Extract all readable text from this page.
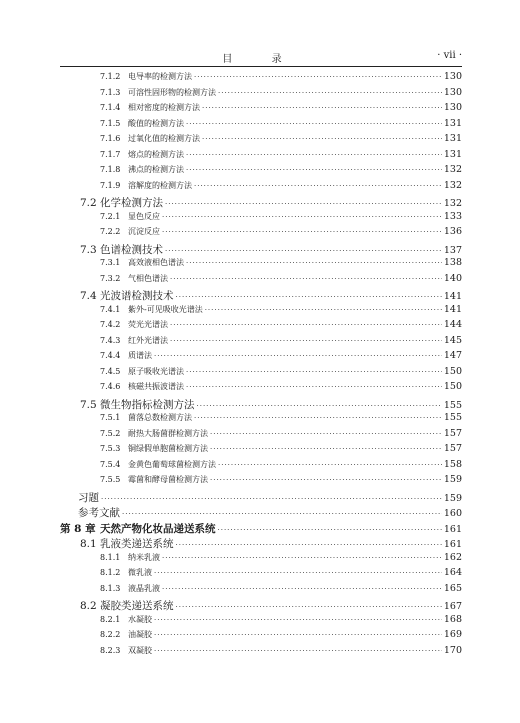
目 录	· vii ·
7.1.2 电导率的检测方法 ·····	130
7.1.3 可溶性固形物的检测方法 ·····	130
7.1.4 相对密度的检测方法 ·····	130
7.1.5 酸值的检测方法 ·····	131
7.1.6 过氧化值的检测方法 ·····	131
7.1.7 熔点的检测方法 ·····	131
7.1.8 沸点的检测方法 ·····	132
7.1.9 溶解度的检测方法 ·····	132
7.2 化学检测方法 ·····	132
7.2.1 显色反应 ·····	133
7.2.2 沉淀反应 ·····	136
7.3 色谱检测技术 ·····	137
7.3.1 高效液相色谱法 ·····	138
7.3.2 气相色谱法 ·····	140
7.4 光波谱检测技术 ·····	141
7.4.1 紫外-可见吸收光谱法 ·····	141
7.4.2 荧光光谱法 ·····	144
7.4.3 红外光谱法 ·····	145
7.4.4 质谱法 ·····	147
7.4.5 原子吸收光谱法 ·····	150
7.4.6 核磁共振波谱法 ·····	150
7.5 微生物指标检测方法 ·····	155
7.5.1 菌落总数检测方法 ·····	155
7.5.2 耐热大肠菌群检测方法 ·····	157
7.5.3 铜绿假单胞菌检测方法 ·····	157
7.5.4 金黄色葡萄球菌检测方法 ·····	158
7.5.5 霉菌和酵母菌检测方法 ·····	159
习题 ·····	159
参考文献 ·····	160
第 8 章 天然产物化妆品递送系统 ·····	161
8.1 乳液类递送系统 ·····	161
8.1.1 纳米乳液 ·····	162
8.1.2 微乳液 ·····	164
8.1.3 液晶乳液 ·····	165
8.2 凝胶类递送系统 ·····	167
8.2.1 水凝胶 ·····	168
8.2.2 油凝胶 ·····	169
8.2.3 双凝胶 ·····	170
